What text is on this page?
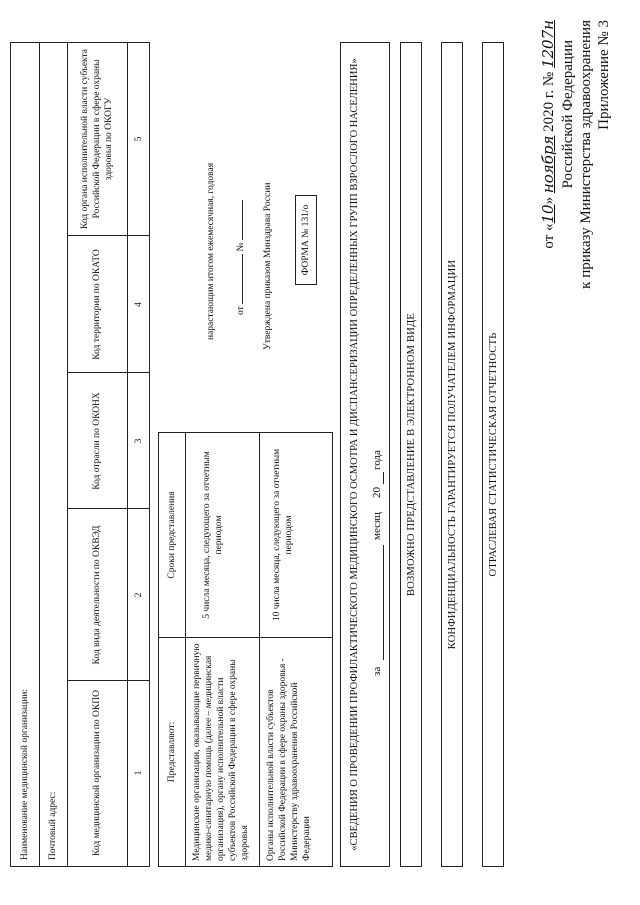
Приложение № 3
к приказу Министерства здравоохранения
Российской Федерации
от «10» ноября 2020 г. № 1207н
ОТРАСЛЕВАЯ СТАТИСТИЧЕСКАЯ ОТЧЕТНОСТЬ
КОНФИДЕНЦИАЛЬНОСТЬ ГАРАНТИРУЕТСЯ ПОЛУЧАТЕЛЕМ ИНФОРМАЦИИ
ВОЗМОЖНО ПРЕДСТАВЛЕНИЕ В ЭЛЕКТРОННОМ ВИДЕ
«СВЕДЕНИЯ О ПРОВЕДЕНИИ ПРОФИЛАКТИЧЕСКОГО МЕДИЦИНСКОГО ОСМОТРА И ДИСПАНСЕРИЗАЦИИ ОПРЕДЕЛЕННЫХ ГРУПП ВЗРОСЛОГО НАСЕЛЕНИЯ»	за
месяц
20
года
Представляют:
Сроки представления
Медицинские организации, оказывающие первичную медико-санитарную помощь (далее – медицинская организация), органу исполнительной власти субъектов Российской Федерации в сфере охраны здоровья
5 числа месяца, следующего за отчетным периодом
Органы исполнительной власти субъектов Российской Федерации в сфере охраны здоровья - Министерству здравоохранения Российской Федерации
10 числа месяца, следующего за отчетным периодом
ФОРМА № 131/о
Утверждена приказом Минздрава России
от  №
нарастающим итогом ежемесячная, годовая
Наименование медицинской организации: Почтовый адрес:	Код медицинской организации по ОКПО
Код вида деятельности по ОКВЭД
Код отрасли по ОКОНХ
Код территории по ОКАТО
Код органа исполнительной власти субъекта Российской Федерации в сфере охраны здоровья по ОКОГУ
1
2
3
4
5
